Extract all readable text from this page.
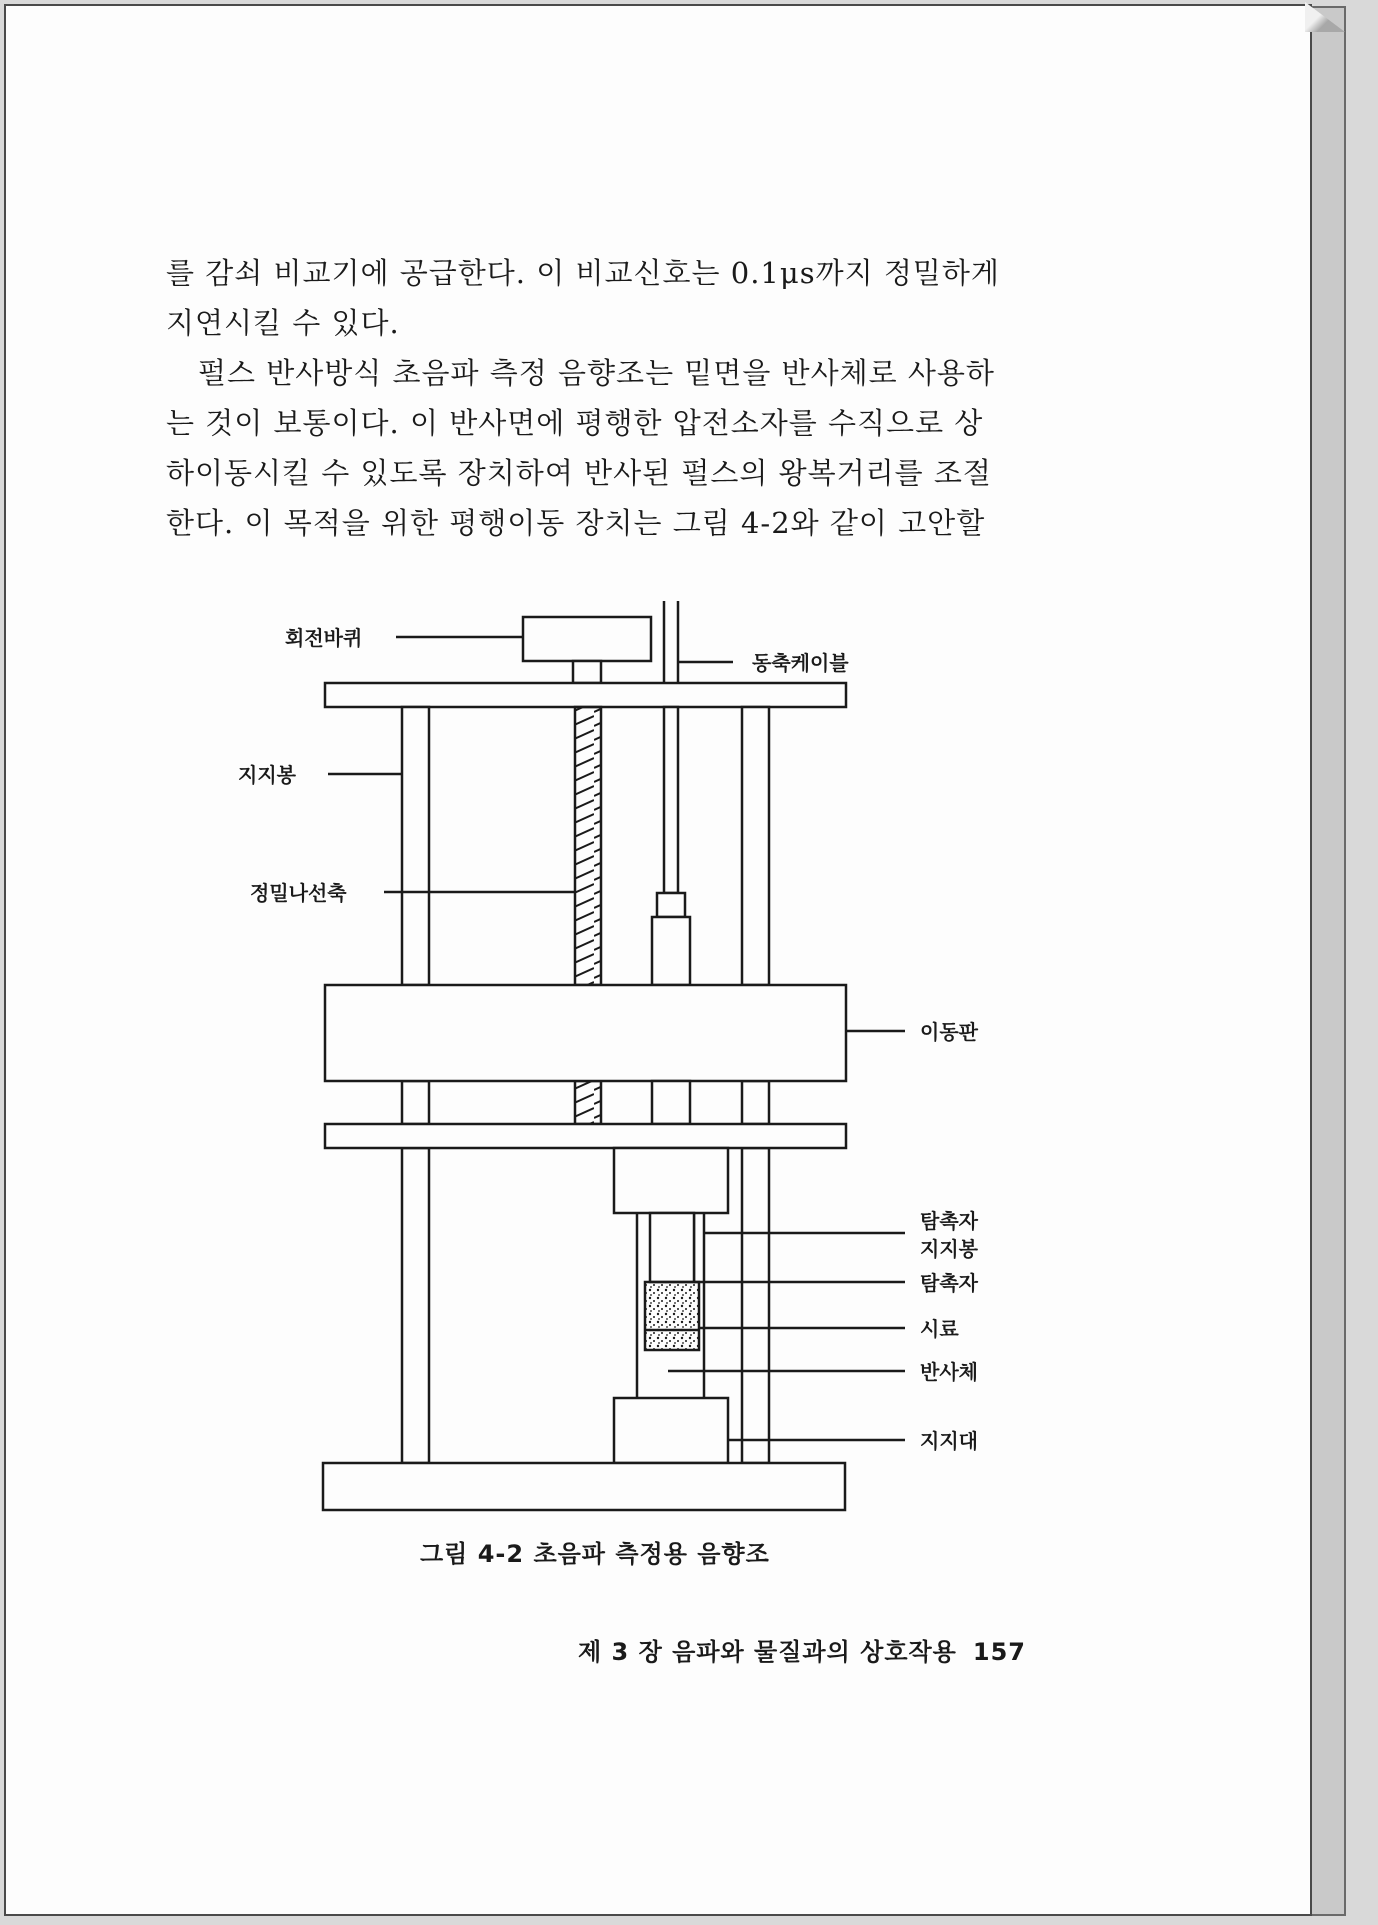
를 감쇠 비교기에 공급한다. 이 비교신호는 0.1μs까지 정밀하게
지연시킬 수 있다.
펄스 반사방식 초음파 측정 음향조는 밑면을 반사체로 사용하
는 것이 보통이다. 이 반사면에 평행한 압전소자를 수직으로 상
하이동시킬 수 있도록 장치하여 반사된 펄스의 왕복거리를 조절
한다. 이 목적을 위한 평행이동 장치는 그림 4-2와 같이 고안할
회전바퀴
동축케이블
지지봉
정밀나선축
이동판
탐촉자
지지봉
탐촉자
시료
반사체
지지대
그림 4-2 초음파 측정용 음향조
제 3 장 음파와 물질과의 상호작용 157
